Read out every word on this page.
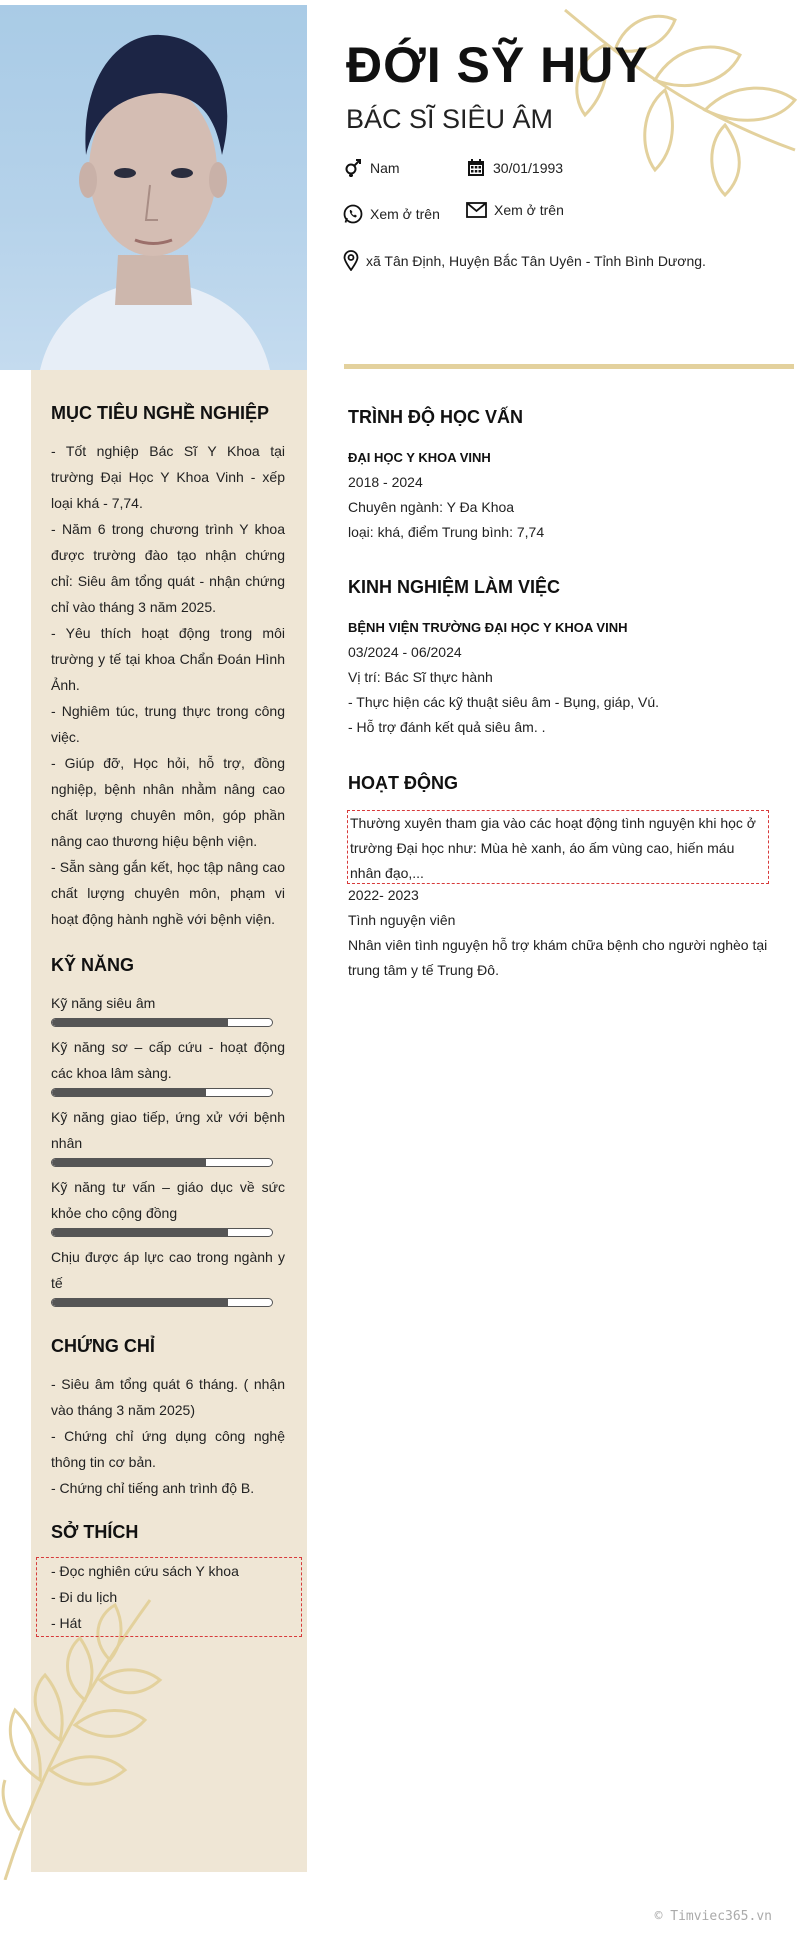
ĐỚI SỸ HUY
BÁC SĨ SIÊU ÂM
Nam	30/01/1993
Xem ở trên	Xem ở trên
xã Tân Định, Huyện Bắc Tân Uyên - Tỉnh Bình Dương.
MỤC TIÊU NGHỀ NGHIỆP

- Tốt nghiệp Bác Sĩ Y Khoa tại trường Đại Học Y Khoa Vinh - xếp loại khá - 7,74.

- Năm 6 trong chương trình Y khoa được trường đào tạo nhận chứng chỉ: Siêu âm tổng quát - nhận chứng chỉ vào tháng 3 năm 2025.

- Yêu thích hoạt động trong môi trường y tế tại khoa Chẩn Đoán Hình Ảnh.

- Nghiêm túc, trung thực trong công việc.

- Giúp đỡ, Học hỏi, hỗ trợ, đồng nghiệp, bệnh nhân nhằm nâng cao chất lượng chuyên môn, góp phần nâng cao thương hiệu bệnh viện.

- Sẵn sàng gắn kết, học tập nâng cao chất lượng chuyên môn, phạm vi hoạt động hành nghề với bệnh viện.

KỸ NĂNG
Kỹ năng siêu âm
Kỹ năng sơ – cấp cứu - hoạt động các khoa lâm sàng.
Kỹ năng giao tiếp, ứng xử với bệnh nhân
Kỹ năng tư vấn – giáo dục về sức khỏe cho cộng đồng
Chịu được áp lực cao trong ngành y tế
CHỨNG CHỈ

- Siêu âm tổng quát 6 tháng. ( nhận vào tháng 3 năm 2025)

- Chứng chỉ ứng dụng công nghệ thông tin cơ bản.

- Chứng chỉ tiếng anh trình độ B.

SỞ THÍCH

- Đọc nghiên cứu sách Y khoa

- Đi du lịch

- Hát

TRÌNH ĐỘ HỌC VẤN

ĐẠI HỌC Y KHOA VINH

2018 - 2024

Chuyên ngành: Y Đa Khoa

loại: khá, điểm Trung bình: 7,74

KINH NGHIỆM LÀM VIỆC

BỆNH VIỆN TRƯỜNG ĐẠI HỌC Y KHOA VINH

03/2024 - 06/2024

Vị trí: Bác Sĩ thực hành

- Thực hiện các kỹ thuật siêu âm - Bụng, giáp, Vú.

- Hỗ trợ đánh kết quả siêu âm. .

HOẠT ĐỘNG

Thường xuyên tham gia vào các hoạt động tình nguyện khi học ở trường Đại học như: Mùa hè xanh, áo ấm vùng cao, hiến máu nhân đạo,...

2022- 2023

Tình nguyện viên

Nhân viên tình nguyện hỗ trợ khám chữa bệnh cho người nghèo tại trung tâm y tế Trung Đô.

© Timviec365.vn
